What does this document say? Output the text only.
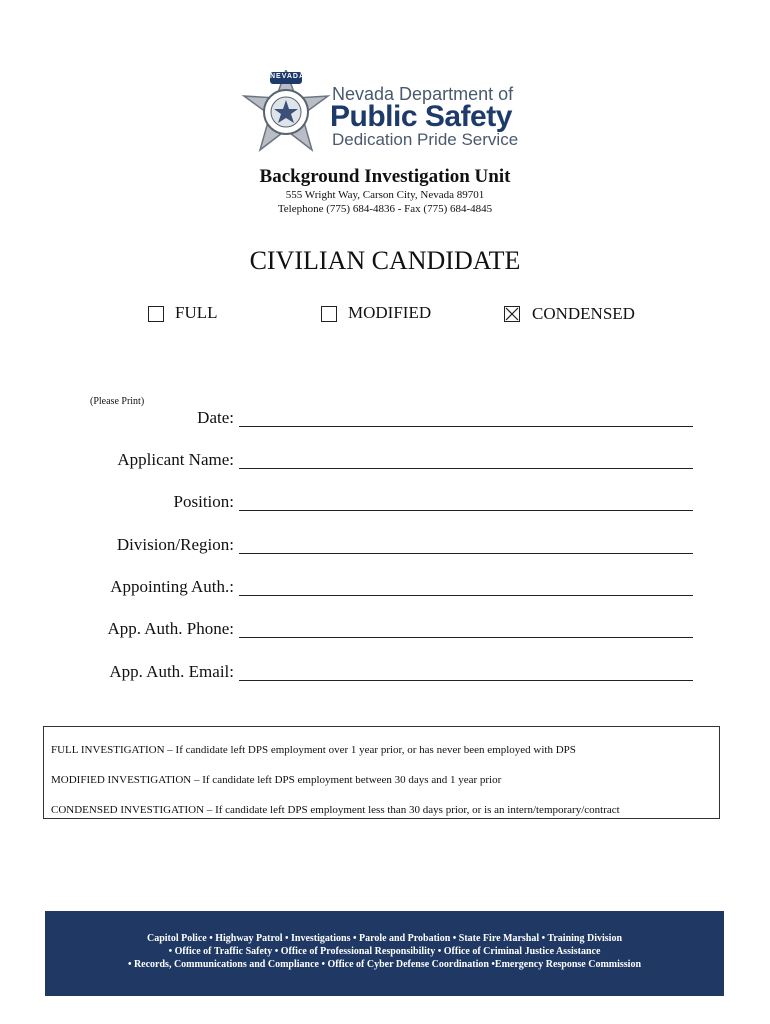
NEVADA
Nevada Department of
Public Safety
Dedication Pride Service
Background Investigation Unit
555 Wright Way, Carson City, Nevada 89701
Telephone (775) 684-4836 - Fax (775) 684-4845
CIVILIAN CANDIDATE
FULL	MODIFIED	CONDENSED
(Please Print)
Date:
Applicant Name:
Position:
Division/Region:
Appointing Auth.:
App. Auth. Phone:
App. Auth. Email:
FULL INVESTIGATION – If candidate left DPS employment over 1 year prior, or has never been employed with DPS
MODIFIED INVESTIGATION – If candidate left DPS employment between 30 days and 1 year prior
CONDENSED INVESTIGATION – If candidate left DPS employment less than 30 days prior, or is an intern/temporary/contract
Capitol Police • Highway Patrol • Investigations • Parole and Probation • State Fire Marshal • Training Division
• Office of Traffic Safety • Office of Professional Responsibility • Office of Criminal Justice Assistance
• Records, Communications and Compliance • Office of Cyber Defense Coordination •Emergency Response Commission
